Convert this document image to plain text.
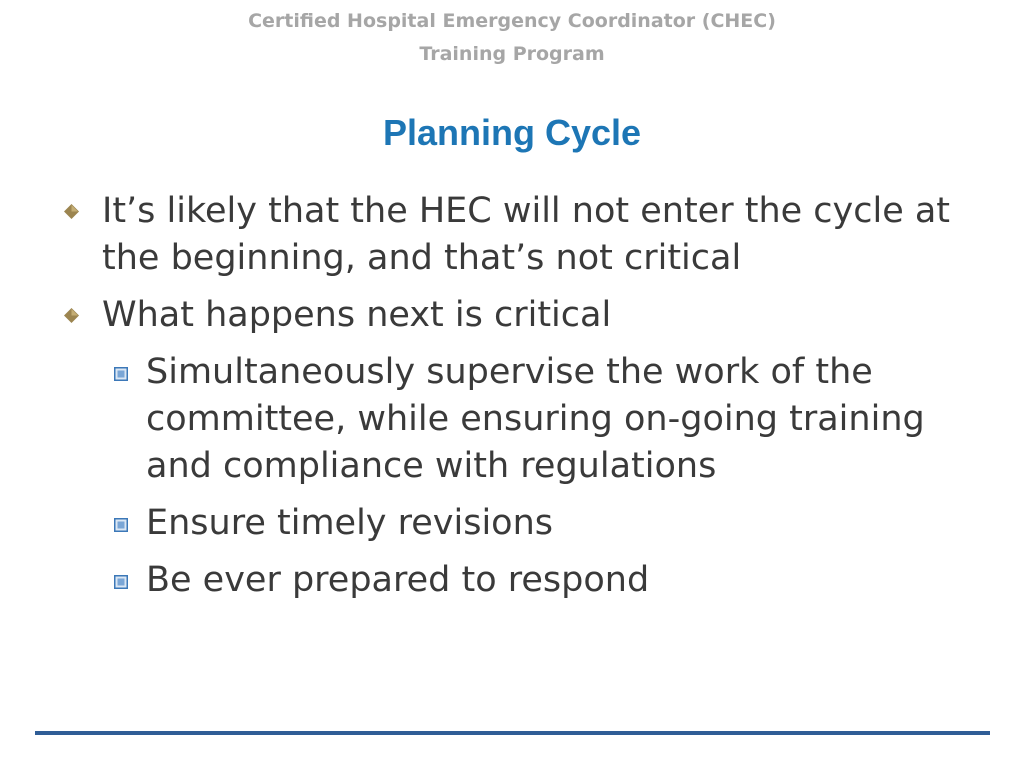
Certified Hospital Emergency Coordinator (CHEC)
Training Program
Planning Cycle
It’s likely that the HEC will not enter the cycle at the beginning, and that’s not critical
What happens next is critical
Simultaneously supervise the work of the committee, while ensuring on-going training and compliance with regulations
Ensure timely revisions
Be ever prepared to respond
